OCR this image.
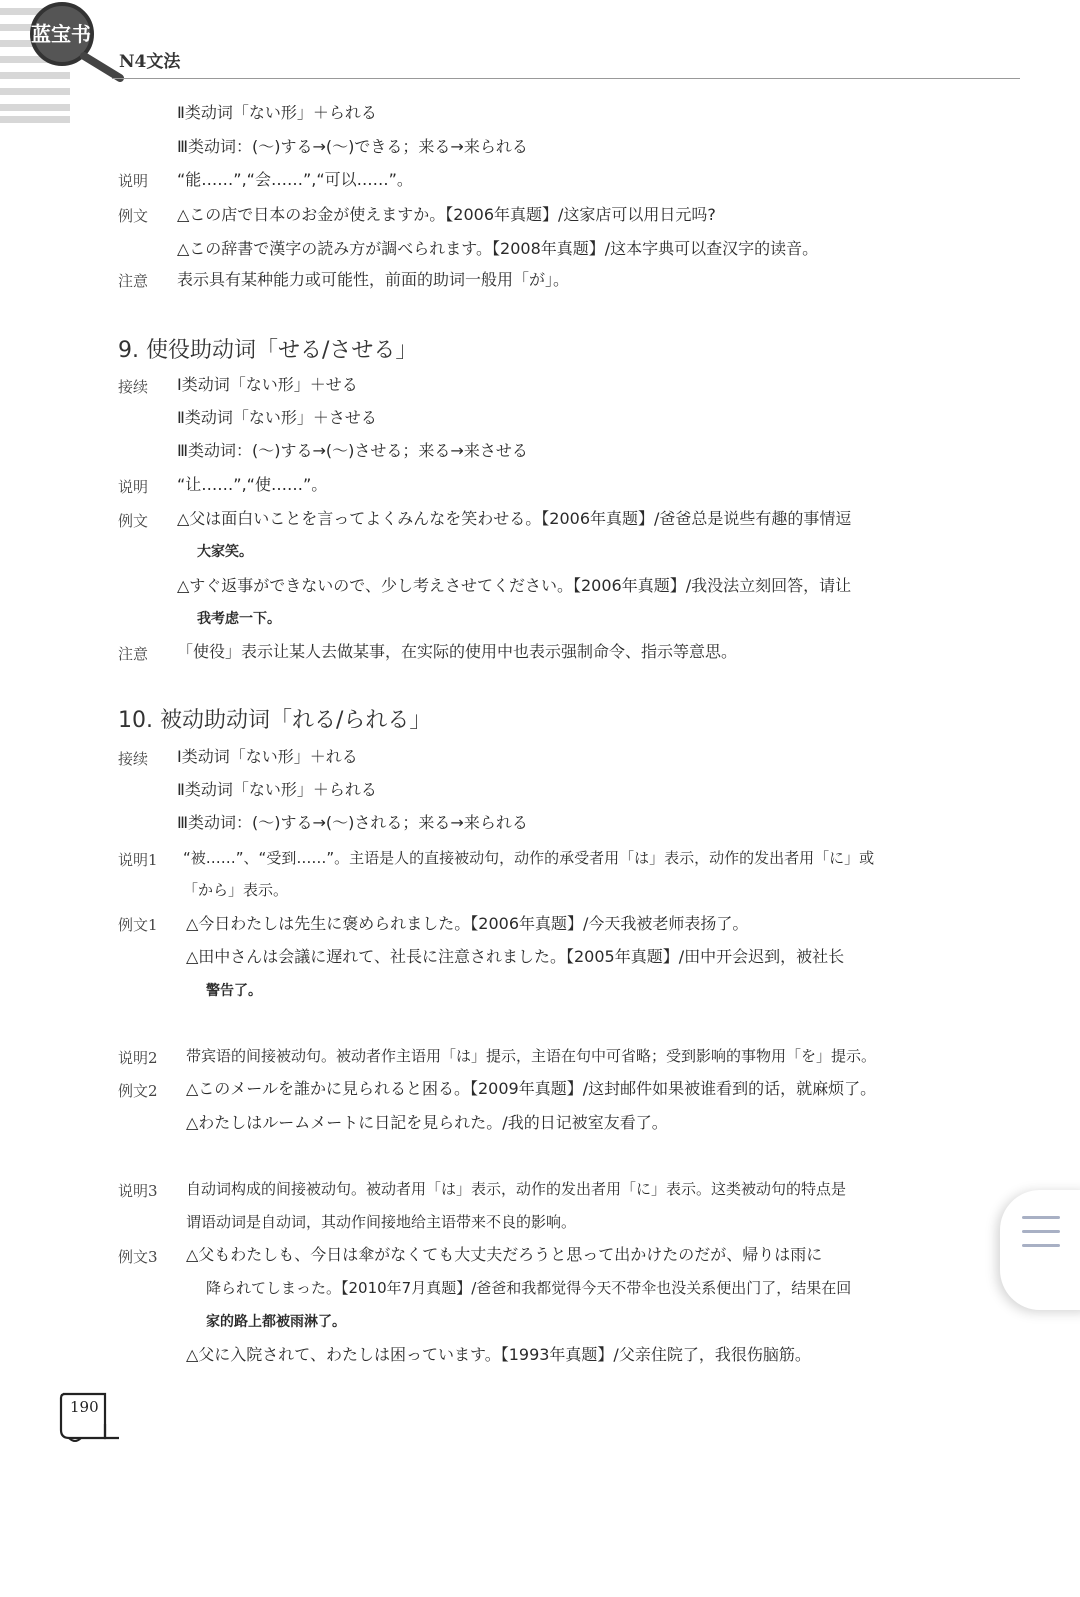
蓝宝书
N4文法
Ⅱ类动词「ない形」＋られる
Ⅲ类动词：(～)する→(～)できる；来る→来られる
说明 “能……”,“会……”,“可以……”。
例文 △この店で日本のお金が使えますか。【2006年真题】/这家店可以用日元吗?
△この辞書で漢字の読み方が調べられます。【2008年真题】/这本字典可以查汉字的读音。
注意 表示具有某种能力或可能性，前面的助词一般用「が」。
9. 使役助动词「せる/させる」
接续 Ⅰ类动词「ない形」＋せる
Ⅱ类动词「ない形」＋させる
Ⅲ类动词：(～)する→(～)させる；来る→来させる
说明 “让……”,“使……”。
例文 △父は面白いことを言ってよくみんなを笑わせる。【2006年真题】/爸爸总是说些有趣的事情逗
大家笑。
△すぐ返事ができないので、少し考えさせてください。【2006年真题】/我没法立刻回答，请让
我考虑一下。
注意 「使役」表示让某人去做某事，在实际的使用中也表示强制命令、指示等意思。
10. 被动助动词「れる/られる」
接续 Ⅰ类动词「ない形」＋れる
Ⅱ类动词「ない形」＋られる
Ⅲ类动词：(～)する→(～)される；来る→来られる
说明1 “被……”、“受到……”。主语是人的直接被动句，动作的承受者用「は」表示，动作的发出者用「に」或
「から」表示。
例文1 △今日わたしは先生に褒められました。【2006年真题】/今天我被老师表扬了。
△田中さんは会議に遅れて、社長に注意されました。【2005年真题】/田中开会迟到，被社长
警告了。
说明2 带宾语的间接被动句。被动者作主语用「は」提示，主语在句中可省略；受到影响的事物用「を」提示。
例文2 △このメールを誰かに見られると困る。【2009年真题】/这封邮件如果被谁看到的话，就麻烦了。
△わたしはルームメートに日記を見られた。/我的日记被室友看了。
说明3 自动词构成的间接被动句。被动者用「は」表示，动作的发出者用「に」表示。这类被动句的特点是
谓语动词是自动词，其动作间接地给主语带来不良的影响。
例文3 △父もわたしも、今日は傘がなくても大丈夫だろうと思って出かけたのだが、帰りは雨に
降られてしまった。【2010年7月真题】/爸爸和我都觉得今天不带伞也没关系便出门了，结果在回
家的路上都被雨淋了。
△父に入院されて、わたしは困っています。【1993年真题】/父亲住院了，我很伤脑筋。
190
